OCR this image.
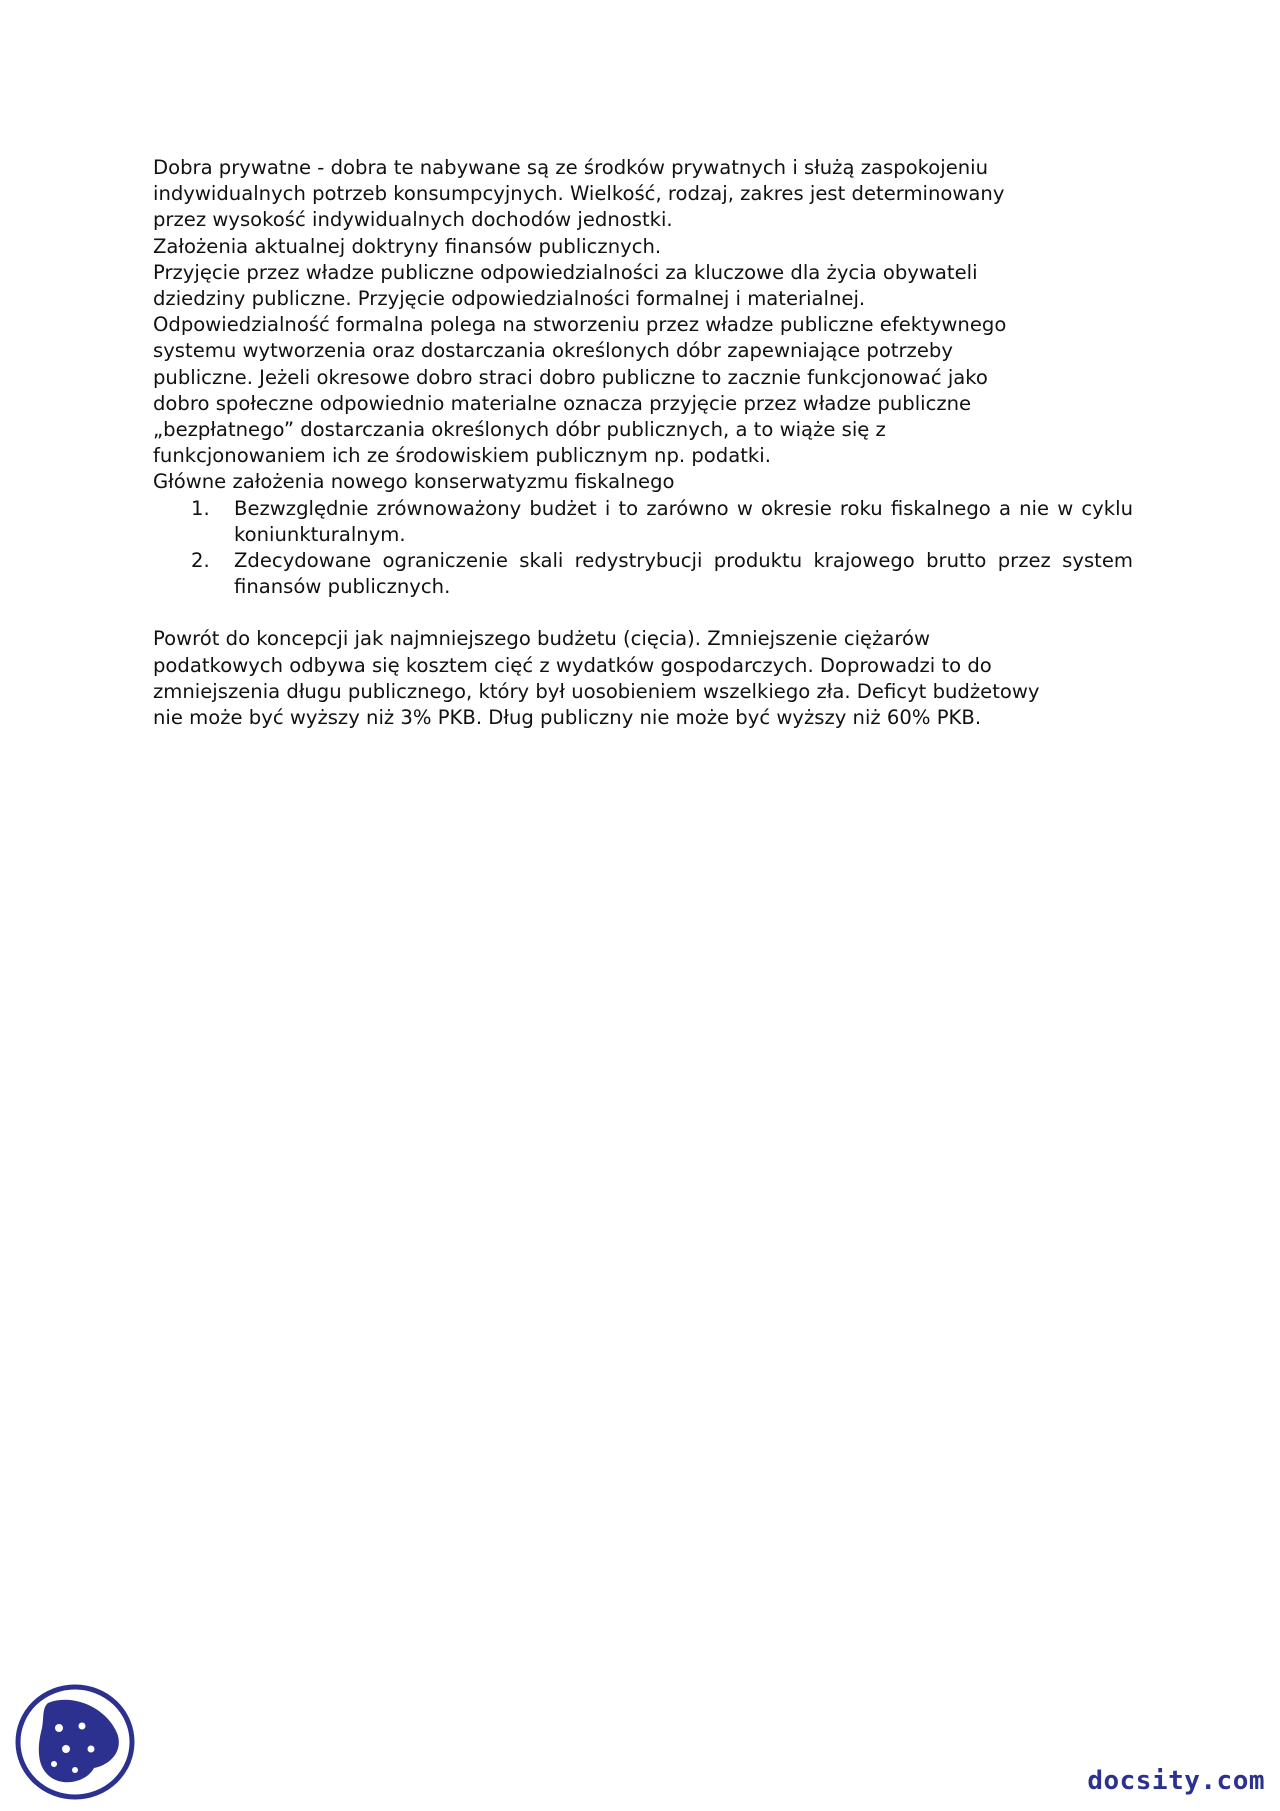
Dobra prywatne - dobra te nabywane są ze środków prywatnych i służą zaspokojeniu
indywidualnych potrzeb konsumpcyjnych. Wielkość, rodzaj, zakres jest determinowany
przez wysokość indywidualnych dochodów jednostki.
Założenia aktualnej doktryny finansów publicznych.
Przyjęcie przez władze publiczne odpowiedzialności za kluczowe dla życia obywateli
dziedziny publiczne. Przyjęcie odpowiedzialności formalnej i materialnej.
Odpowiedzialność formalna polega na stworzeniu przez władze publiczne efektywnego
systemu wytworzenia oraz dostarczania określonych dóbr zapewniające potrzeby
publiczne. Jeżeli okresowe dobro straci dobro publiczne to zacznie funkcjonować jako
dobro społeczne odpowiednio materialne oznacza przyjęcie przez władze publiczne
„bezpłatnego” dostarczania określonych dóbr publicznych, a to wiąże się z
funkcjonowaniem ich ze środowiskiem publicznym np. podatki.
Główne założenia nowego konserwatyzmu fiskalnego
1. Bezwzględnie zrównoważony budżet i to zarówno w okresie roku fiskalnego a nie w cyklu koniunkturalnym.
2. Zdecydowane ograniczenie skali redystrybucji produktu krajowego brutto przez system finansów publicznych.
Powrót do koncepcji jak najmniejszego budżetu (cięcia). Zmniejszenie ciężarów
podatkowych odbywa się kosztem cięć z wydatków gospodarczych. Doprowadzi to do
zmniejszenia długu publicznego, który był uosobieniem wszelkiego zła. Deficyt budżetowy
nie może być wyższy niż 3% PKB. Dług publiczny nie może być wyższy niż 60% PKB.
docsity.com
